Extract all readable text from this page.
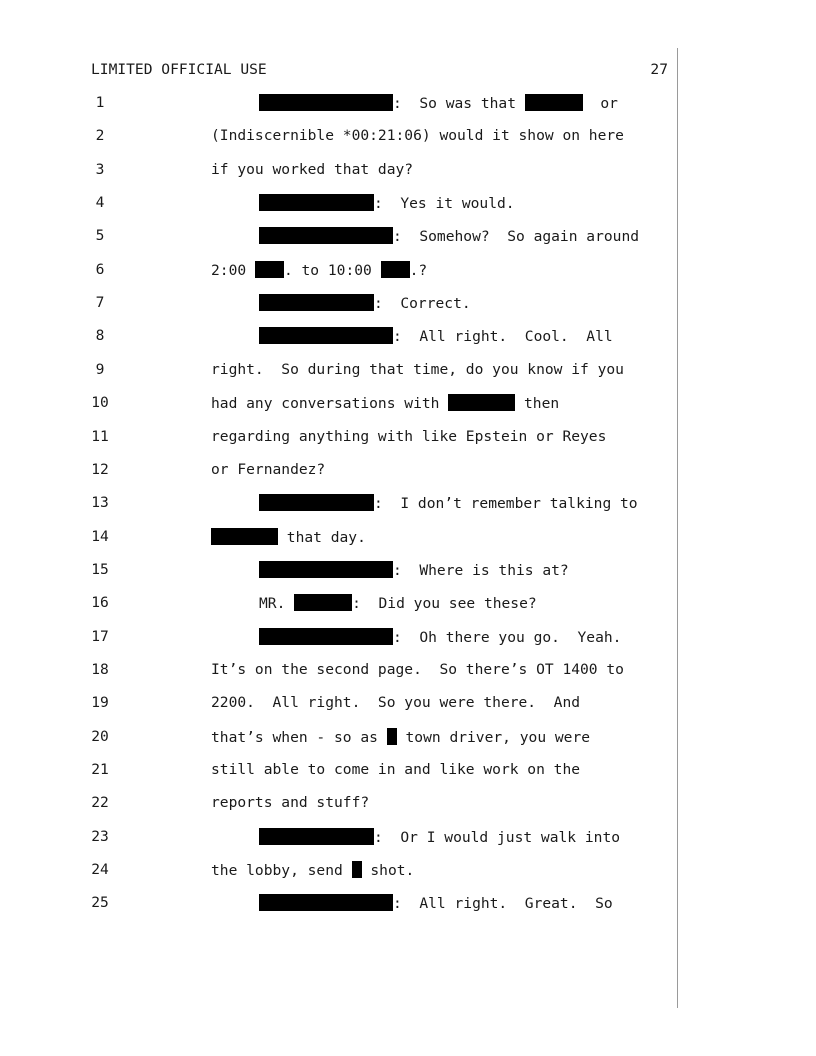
LIMITED OFFICIAL USE	27
1	:  So was that	or
2	(Indiscernible *00:21:06) would it show on here
3	if you worked that day?
4	:  Yes it would.
5	:  Somehow?  So again around
6	2:00 . to 10:00 .?
7	:  Correct.
8	:  All right.  Cool.  All
9	right.  So during that time, do you know if you
10	had any conversations with	then
11	regarding anything with like Epstein or Reyes
12	or Fernandez?
13	:  I don’t remember talking to
14	that day.
15	:  Where is this at?
16	MR.	:  Did you see these?
17	:  Oh there you go.  Yeah.
18	It’s on the second page.  So there’s OT 1400 to
19	2200.  All right.  So you were there.  And
20	that’s when - so as  town driver, you were
21	still able to come in and like work on the
22	reports and stuff?
23	:  Or I would just walk into
24	the lobby, send  shot.
25	:  All right.  Great.  So
